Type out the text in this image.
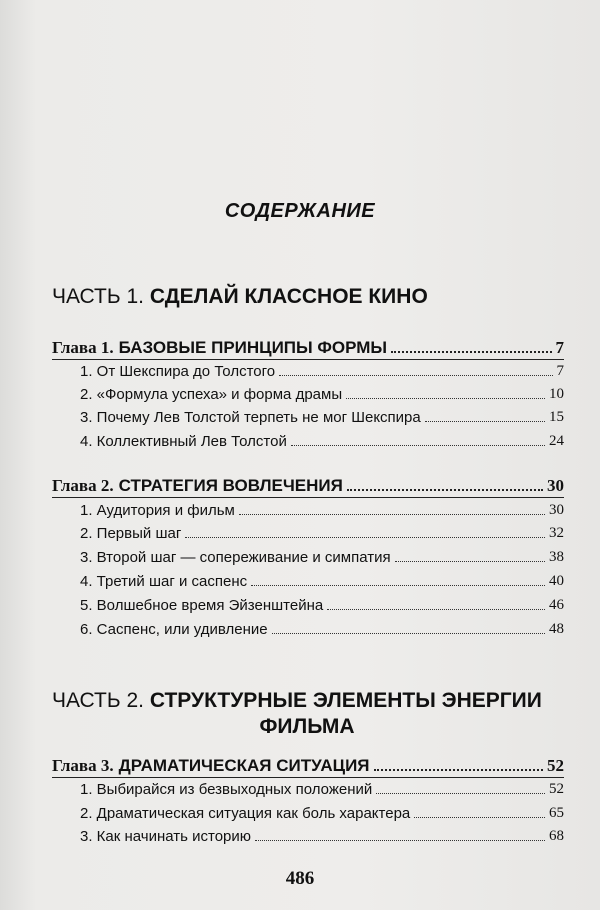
СОДЕРЖАНИЕ
ЧАСТЬ 1. СДЕЛАЙ КЛАССНОЕ КИНО
Глава 1. БАЗОВЫЕ ПРИНЦИПЫ ФОРМЫ	7
1. От Шекспира до Толстого	7
2. «Формула успеха» и форма драмы	10
3. Почему Лев Толстой терпеть не мог Шекспира	15
4. Коллективный Лев Толстой	24
Глава 2. СТРАТЕГИЯ ВОВЛЕЧЕНИЯ	30
1. Аудитория и фильм	30
2. Первый шаг	32
3. Второй шаг — сопереживание и симпатия	38
4. Третий шаг и саспенс	40
5. Волшебное время Эйзенштейна	46
6. Саспенс, или удивление	48
ЧАСТЬ 2. СТРУКТУРНЫЕ ЭЛЕМЕНТЫ ЭНЕРГИИ
ФИЛЬМА
Глава 3. ДРАМАТИЧЕСКАЯ СИТУАЦИЯ	52
1. Выбирайся из безвыходных положений	52
2. Драматическая ситуация как боль характера	65
3. Как начинать историю	68
486
